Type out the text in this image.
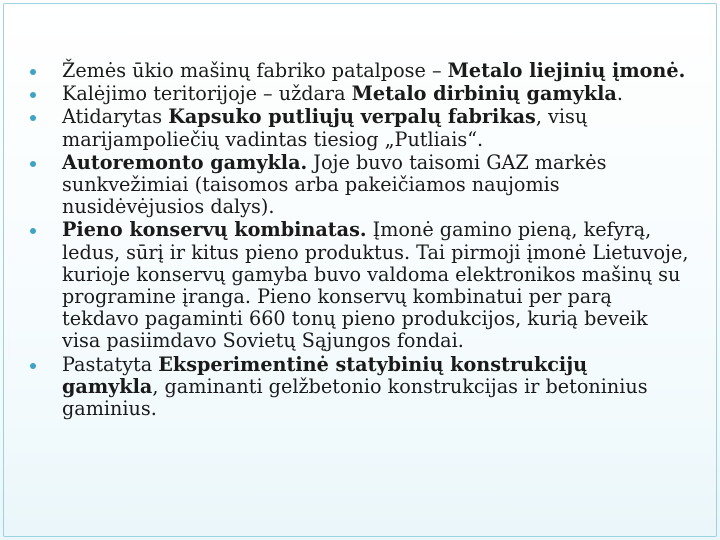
Žemės ūkio mašinų fabriko patalpose – Metalo liejinių įmonė.
Kalėjimo teritorijoje – uždara Metalo dirbinių gamykla.
Atidarytas Kapsuko putliųjų verpalų fabrikas, visų marijampoliečių vadintas tiesiog „Putliais“.
Autoremonto gamykla. Joje buvo taisomi GAZ markės sunkvežimiai (taisomos arba pakeičiamos naujomis nusidėvėjusios dalys).
Pieno konservų kombinatas. Įmonė gamino pieną, kefyrą, ledus, sūrį ir kitus pieno produktus. Tai pirmoji įmonė Lietuvoje, kurioje konservų gamyba buvo valdoma elektronikos mašinų su programine įranga. Pieno konservų kombinatui per parą tekdavo pagaminti 660 tonų pieno produkcijos, kurią beveik visa pasiimdavo Sovietų Sąjungos fondai.
Pastatyta Eksperimentinė statybinių konstrukcijų gamykla, gaminanti gelžbetonio konstrukcijas ir betoninius gaminius.
